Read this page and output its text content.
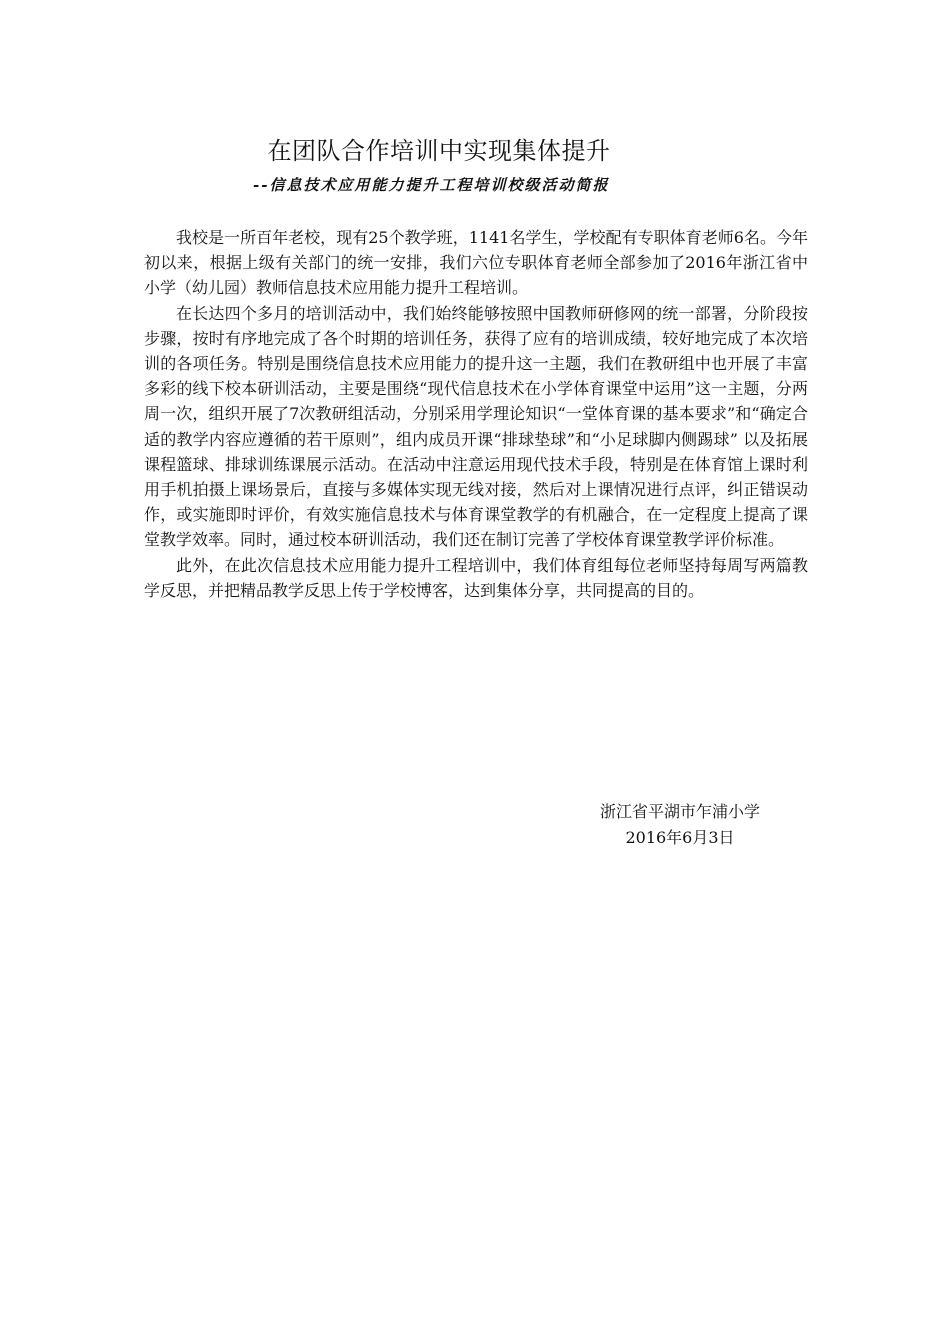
在团队合作培训中实现集体提升
--信息技术应用能力提升工程培训校级活动简报

我校是一所百年老校，现有25个教学班，1141名学生，学校配有专职体育老师6名。今年初以来，根据上级有关部门的统一安排，我们六位专职体育老师全部参加了2016年浙江省中小学（幼儿园）教师信息技术应用能力提升工程培训。

在长达四个多月的培训活动中，我们始终能够按照中国教师研修网的统一部署，分阶段按步骤，按时有序地完成了各个时期的培训任务，获得了应有的培训成绩，较好地完成了本次培训的各项任务。特别是围绕信息技术应用能力的提升这一主题，我们在教研组中也开展了丰富多彩的线下校本研训活动，主要是围绕“现代信息技术在小学体育课堂中运用”这一主题，分两周一次，组织开展了7次教研组活动，分别采用学理论知识“一堂体育课的基本要求”和“确定合适的教学内容应遵循的若干原则”，组内成员开课“排球垫球”和“小足球脚内侧踢球” 以及拓展课程篮球、排球训练课展示活动。在活动中注意运用现代技术手段，特别是在体育馆上课时利用手机拍摄上课场景后，直接与多媒体实现无线对接，然后对上课情况进行点评，纠正错误动作，或实施即时评价，有效实施信息技术与体育课堂教学的有机融合，在一定程度上提高了课堂教学效率。同时，通过校本研训活动，我们还在制订完善了学校体育课堂教学评价标准。

此外，在此次信息技术应用能力提升工程培训中，我们体育组每位老师坚持每周写两篇教学反思，并把精品教学反思上传于学校博客，达到集体分享，共同提高的目的。

浙江省平湖市乍浦小学
2016年6月3日
